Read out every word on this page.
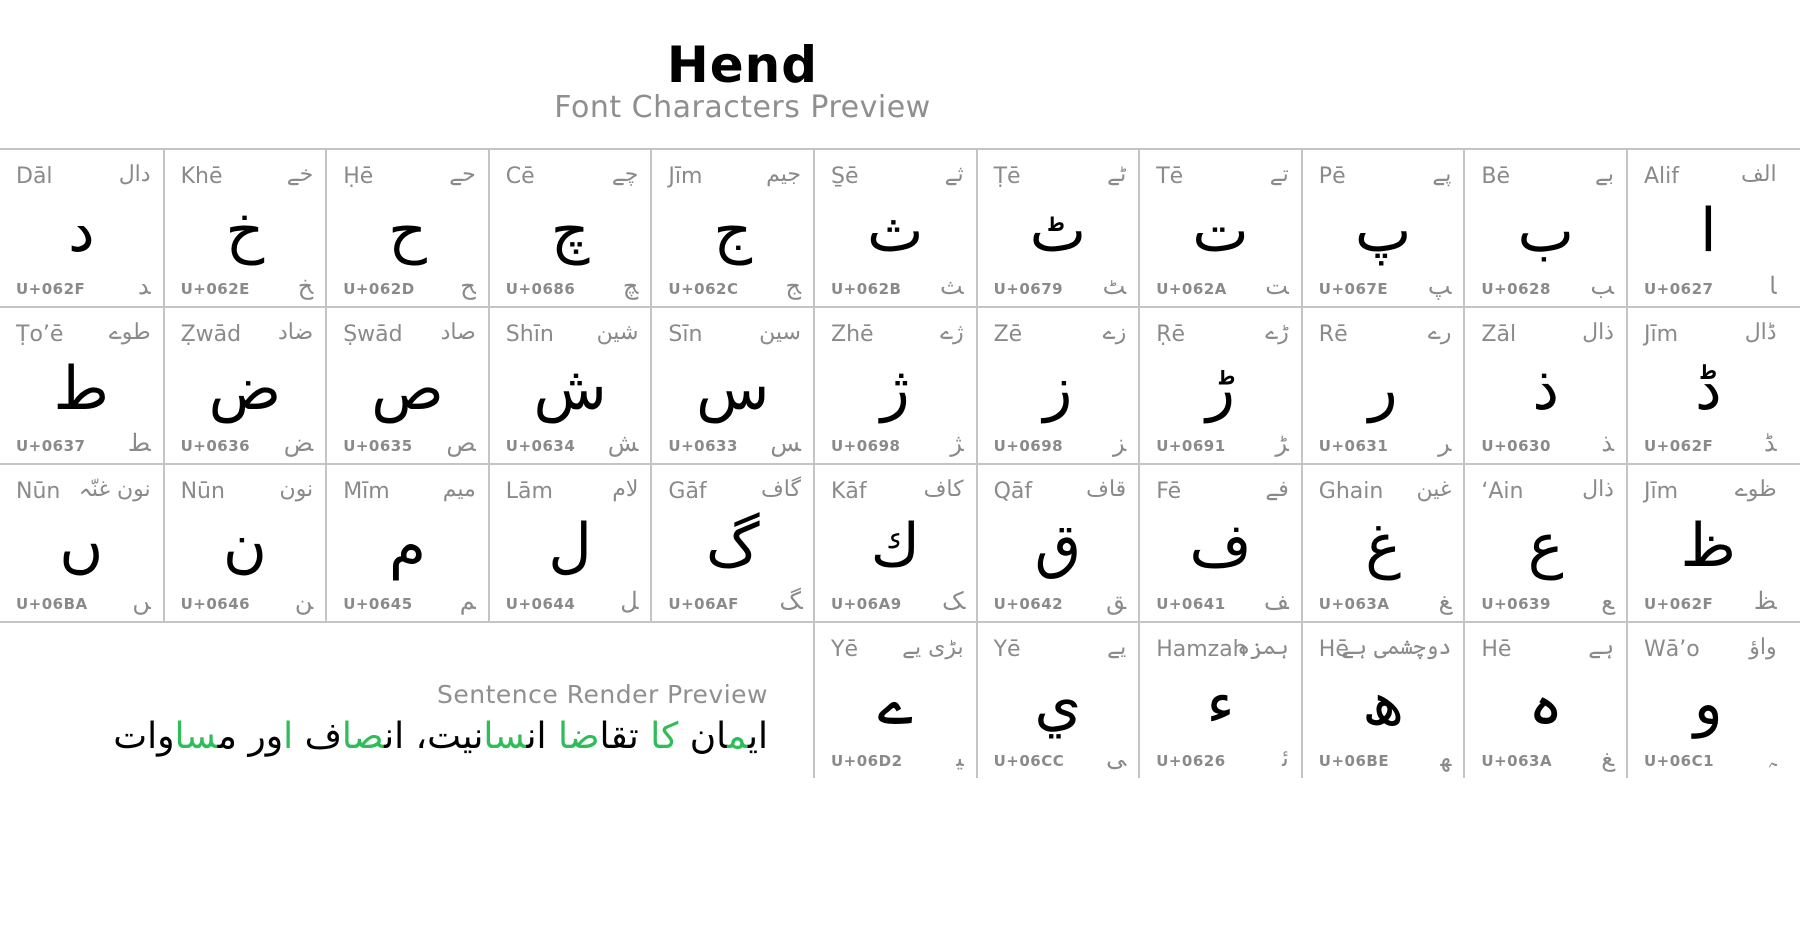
Hend
Font Characters Preview
Dāl	دال
د
U+062F ﺪ
Khē	خے
خ
U+062E ﺦ
Ḥē	حے
ح
U+062D ﺢ
Cē	چے
چ
U+0686 ﭻ
Jīm	جیم
ج
U+062C ﺞ
S̱ē	ثے
ث
U+062B ﺚ
Ṭē	ٹے
ٹ
U+0679 ﭧ
Tē	تے
ت
U+062A ﺖ
Pē	پے
پ
U+067E ﭗ
Bē	بے
ب
U+0628 ﺐ
Alif	الف
ا
U+0627 ﺎ
Ṭo’ē طوے
ط
U+0637 ﻂ
Ẓwād ضاد
ض
U+0636 ﺾ
Ṣwād صاد
ص
U+0635 ﺺ
Shīn شین
ش
U+0634 ﺶ
Sīn	سین
س
U+0633 ﺲ
Zhē	ژے
ژ
U+0698 ﮋ
Zē	زے
ز
U+0698 ﺰ
Ṛē	ڑے
ڑ
U+0691 ﮍ
Rē	رے
ر
U+0631 ﺮ
Zāl	ذال
ذ
U+0630 ﺬ
Jīm	ڈال
ڈ
U+062F ﮉ
Nūn نون غنّہ
ں
U+06BA ﮟ
Nūn نون
ن
U+0646 ﻦ
Mīm میم
م
U+0645 ﻢ
Lām	لام
ل
U+0644 ﻞ
Gāf گاف
گ
U+06AF ﮓ
Kāf	کاف
ك
U+06A9 ﮏ
Qāf قاف
ق
U+0642 ﻖ
Fē	فے
ف
U+0641 ﻒ
Ghain غین
غ
U+063A ﻎ
‘Ain	ذال
ع
U+0639 ﻊ
Jīm	ظوے
ظ
U+062F ﻆ
Yē بڑی یے
ے
U+06D2 ﯿ
Yē	یے
ي
U+06CC ﯽ
Hamzah
ہمزہ
ء
U+0626 ﺋ
Hē
دوچشمی ہے
ھ
U+06BE ﮭ
Hē	ہے
ہ
U+063A ﻎ
Wā’o واؤ
و
U+06C1 ﮧ
Sentence Render Preview
ایمان کا تقاضا انسانیت، انصاف اور مساوات
